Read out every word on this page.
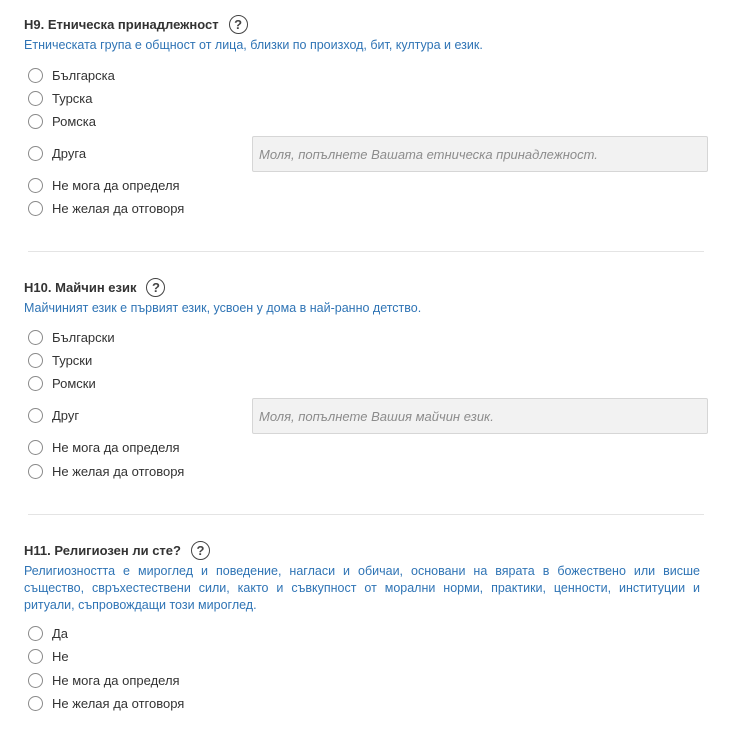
H9. Етническа принадлежност	?
Етническата група е общност от лица, близки по произход, бит, култура и език.
Българска
Турска
Ромска
Друга
Моля, попълнете Вашата етническа принадлежност.
Не мога да определя
Не желая да отговоря
H10. Майчин език	?
Майчиният език е първият език, усвоен у дома в най-ранно детство.
Български
Турски
Ромски
Друг
Моля, попълнете Вашия майчин език.
Не мога да определя
Не желая да отговоря
H11. Религиозен ли сте?	?
Религиозността е мироглед и поведение, нагласи и обичаи, основани на вярата в божествено или висше същество, свръхестествени сили, както и съвкупност от морални норми, практики, ценности, институции и ритуали, съпровождащи този мироглед.
Да
Не
Не мога да определя
Не желая да отговоря
